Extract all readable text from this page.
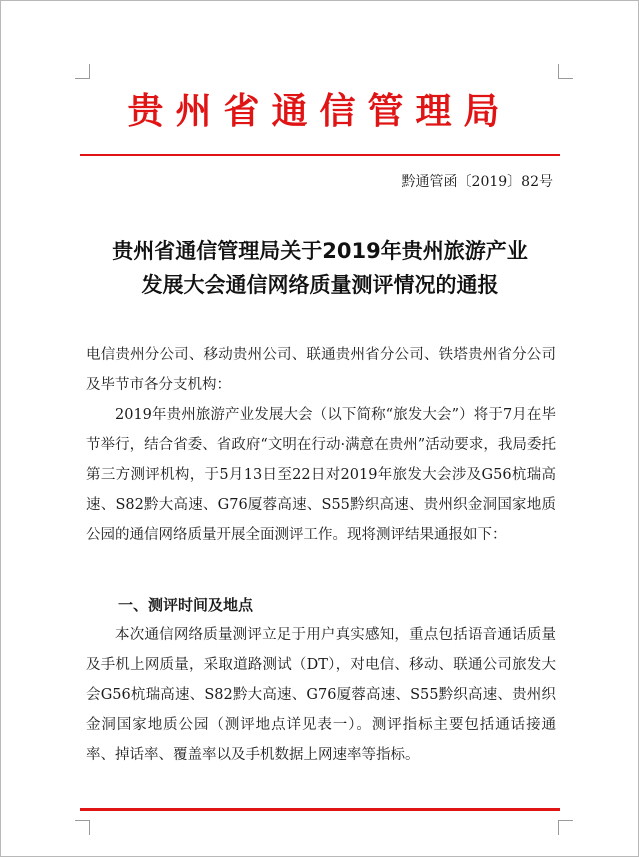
贵州省通信管理局
黔通管函〔2019〕82号
贵州省通信管理局关于2019年贵州旅游产业
发展大会通信网络质量测评情况的通报

电信贵州分公司、移动贵州公司、联通贵州省分公司、铁塔贵州省分公司及毕节市各分支机构：

2019年贵州旅游产业发展大会（以下简称“旅发大会”）将于7月在毕节举行，结合省委、省政府“文明在行动·满意在贵州”活动要求，我局委托第三方测评机构，于5月13日至22日对2019年旅发大会涉及G56杭瑞高速、S82黔大高速、G76厦蓉高速、S55黔织高速、贵州织金洞国家地质公园的通信网络质量开展全面测评工作。现将测评结果通报如下：

一、测评时间及地点

本次通信网络质量测评立足于用户真实感知，重点包括语音通话质量及手机上网质量，采取道路测试（DT），对电信、移动、联通公司旅发大会G56杭瑞高速、S82黔大高速、G76厦蓉高速、S55黔织高速、贵州织金洞国家地质公园（测评地点详见表一）。测评指标主要包括通话接通率、掉话率、覆盖率以及手机数据上网速率等指标。
